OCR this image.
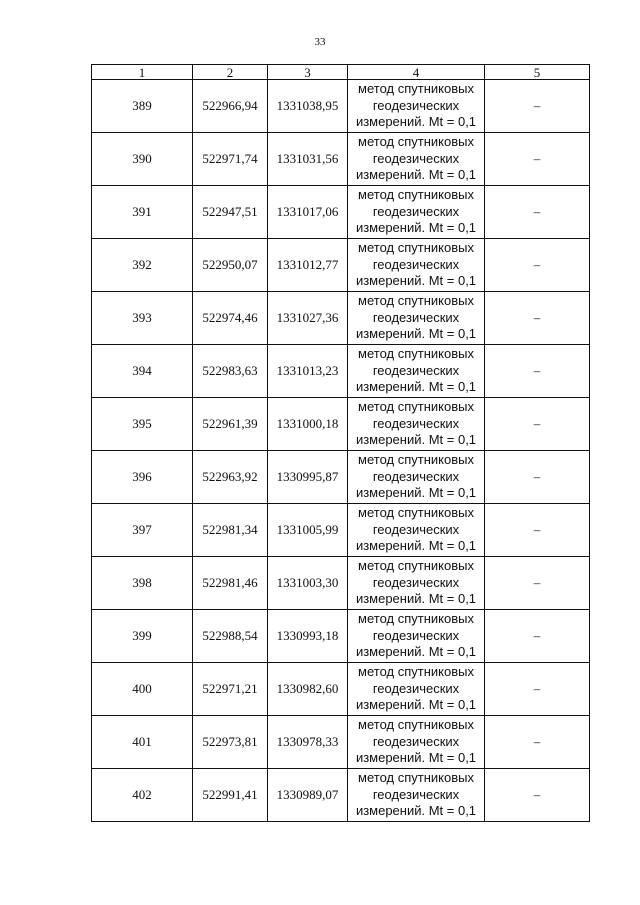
33
1	2	3	4	5
389	522966,94	1331038,95	метод спутниковых
геодезических
измерений. Mt = 0,1	–
390	522971,74	1331031,56	метод спутниковых
геодезических
измерений. Mt = 0,1	–
391	522947,51	1331017,06	метод спутниковых
геодезических
измерений. Mt = 0,1	–
392	522950,07	1331012,77	метод спутниковых
геодезических
измерений. Mt = 0,1	–
393	522974,46	1331027,36	метод спутниковых
геодезических
измерений. Mt = 0,1	–
394	522983,63	1331013,23	метод спутниковых
геодезических
измерений. Mt = 0,1	–
395	522961,39	1331000,18	метод спутниковых
геодезических
измерений. Mt = 0,1	–
396	522963,92	1330995,87	метод спутниковых
геодезических
измерений. Mt = 0,1	–
397	522981,34	1331005,99	метод спутниковых
геодезических
измерений. Mt = 0,1	–
398	522981,46	1331003,30	метод спутниковых
геодезических
измерений. Mt = 0,1	–
399	522988,54	1330993,18	метод спутниковых
геодезических
измерений. Mt = 0,1	–
400	522971,21	1330982,60	метод спутниковых
геодезических
измерений. Mt = 0,1	–
401	522973,81	1330978,33	метод спутниковых
геодезических
измерений. Mt = 0,1	–
402	522991,41	1330989,07	метод спутниковых
геодезических
измерений. Mt = 0,1	–
